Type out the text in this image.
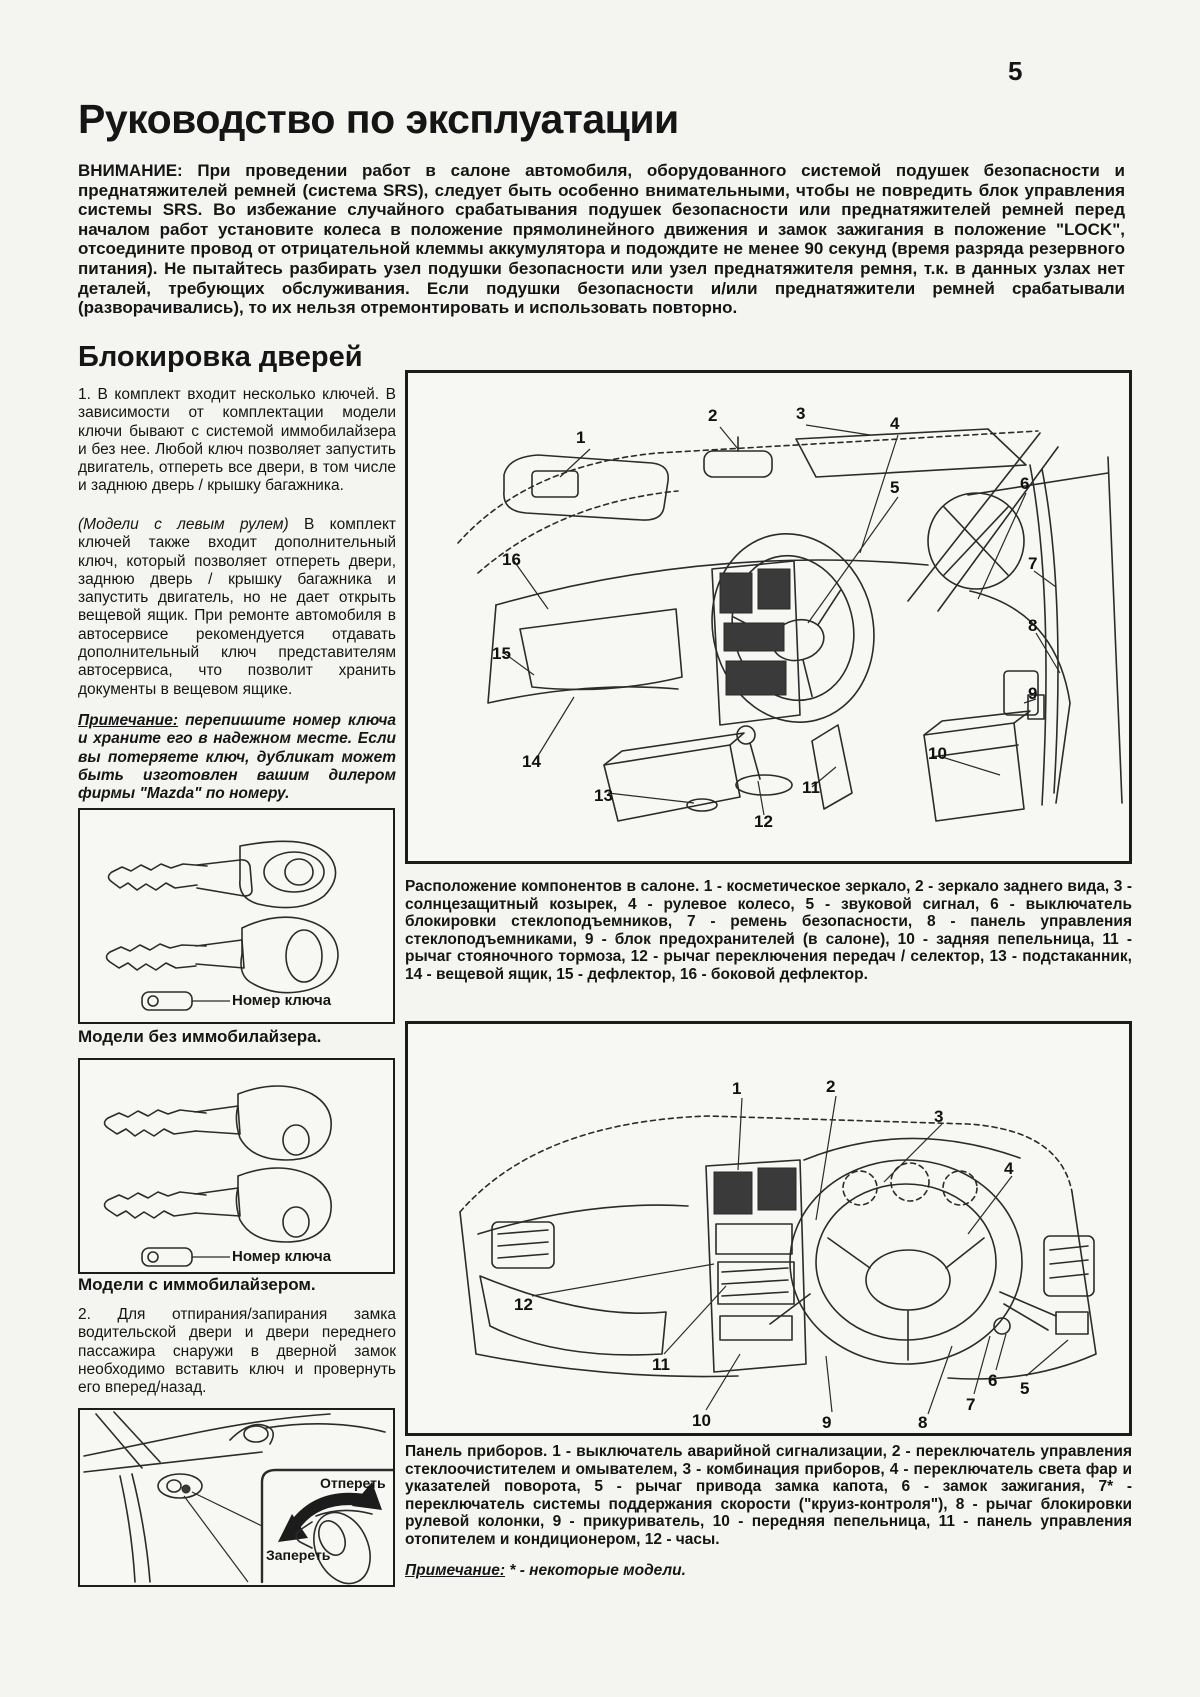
5
Руководство по эксплуатации
ВНИМАНИЕ: При проведении работ в салоне автомобиля, оборудованного системой подушек безопасности и преднатяжителей ремней (система SRS), следует быть особенно внимательными, чтобы не повредить блок управления системы SRS. Во избежание случайного срабатывания подушек безопасности или преднатяжителей ремней перед началом работ установите колеса в положение прямолинейного движения и замок зажигания в положение "LOCK", отсоедините провод от отрицательной клеммы аккумулятора и подождите не менее 90 секунд (время разряда резервного питания). Не пытайтесь разбирать узел подушки безопасности или узел преднатяжителя ремня, т.к. в данных узлах нет деталей, требующих обслуживания. Если подушки безопасности и/или преднатяжители ремней срабатывали (разворачивались), то их нельзя отремонтировать и использовать повторно.
Блокировка дверей
1. В комплект входит несколько ключей. В зависимости от комплектации модели ключи бывают с системой иммобилайзера и без нее. Любой ключ позволяет запустить двигатель, отпереть все двери, в том числе и заднюю дверь / крышку багажника.
(Модели с левым рулем) В комплект ключей также входит дополнительный ключ, который позволяет отпереть двери, заднюю дверь / крышку багажника и запустить двигатель, но не дает открыть вещевой ящик. При ремонте автомобиля в автосервисе рекомендуется отдавать дополнительный ключ представителям автосервиса, что позволит хранить документы в вещевом ящике.
Примечание: перепишите номер ключа и храните его в надежном месте. Если вы потеряете ключ, дубликат может быть изготовлен вашим дилером фирмы "Mazda" по номеру.
Номер ключа
Модели без иммобилайзера.
Номер ключа
Модели с иммобилайзером.
2. Для отпирания/запирания замка водительской двери и двери переднего пассажира снаружи в дверной замок необходимо вставить ключ и провернуть его вперед/назад.
Отпереть
Запереть
1
2	3
4
5	6
7
8
9
10
11
12
13
14
15
16
Расположение компонентов в салоне. 1 - косметическое зеркало, 2 - зеркало заднего вида, 3 - солнцезащитный козырек, 4 - рулевое колесо, 5 - звуковой сигнал, 6 - выключатель блокировки стеклоподъемников, 7 - ремень безопасности, 8 - панель управления стеклоподъемниками, 9 - блок предохранителей (в салоне), 10 - задняя пепельница, 11 - рычаг стояночного тормоза, 12 - рычаг переключения передач / селектор, 13 - подстаканник, 14 - вещевой ящик, 15 - дефлектор, 16 - боковой дефлектор.
1	2
3
4
5
6
7
8
9
10
11
12
Панель приборов. 1 - выключатель аварийной сигнализации, 2 - переключатель управления стеклоочистителем и омывателем, 3 - комбинация приборов, 4 - переключатель света фар и указателей поворота, 5 - рычаг привода замка капота, 6 - замок зажигания, 7* - переключатель системы поддержания скорости ("круиз-контроля"), 8 - рычаг блокировки рулевой колонки, 9 - прикуриватель, 10 - передняя пепельница, 11 - панель управления отопителем и кондиционером, 12 - часы.
Примечание: * - некоторые модели.
